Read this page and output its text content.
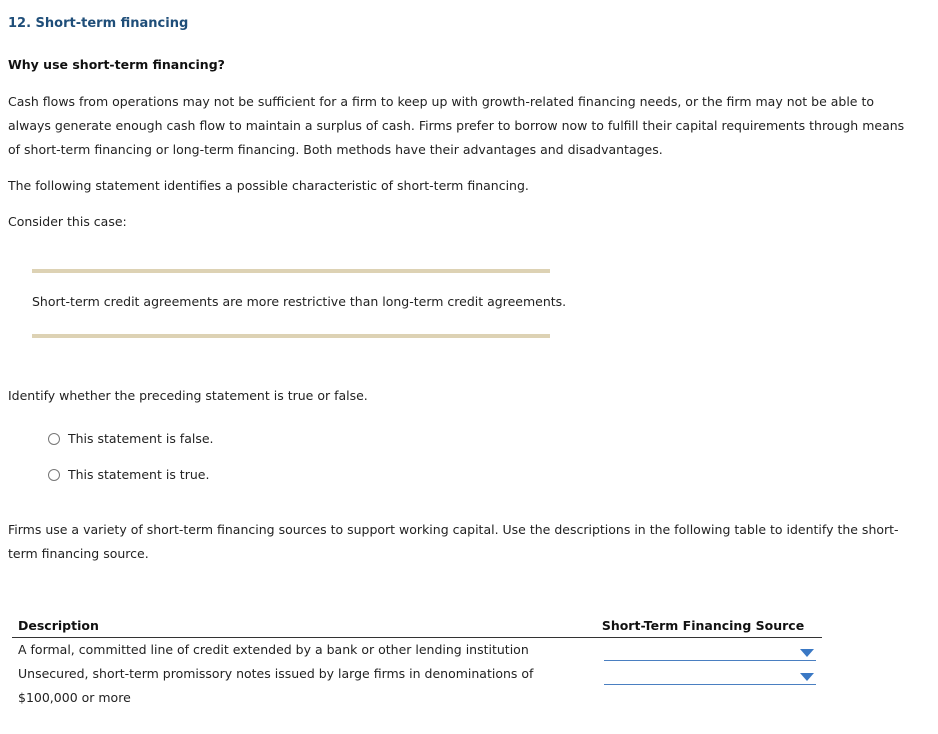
12. Short-term financing
Why use short-term financing?
Cash flows from operations may not be sufficient for a firm to keep up with growth-related financing needs, or the firm may not be able to always generate enough cash flow to maintain a surplus of cash. Firms prefer to borrow now to fulfill their capital requirements through means of short-term financing or long-term financing. Both methods have their advantages and disadvantages.
The following statement identifies a possible characteristic of short-term financing.
Consider this case:
Short-term credit agreements are more restrictive than long-term credit agreements.
Identify whether the preceding statement is true or false.
This statement is false.
This statement is true.
Firms use a variety of short-term financing sources to support working capital. Use the descriptions in the following table to identify the short-term financing source.
Description	Short-Term Financing Source
A formal, committed line of credit extended by a bank or other lending institution	

Unsecured, short-term promissory notes issued by large firms in denominations of $100,000 or more	
